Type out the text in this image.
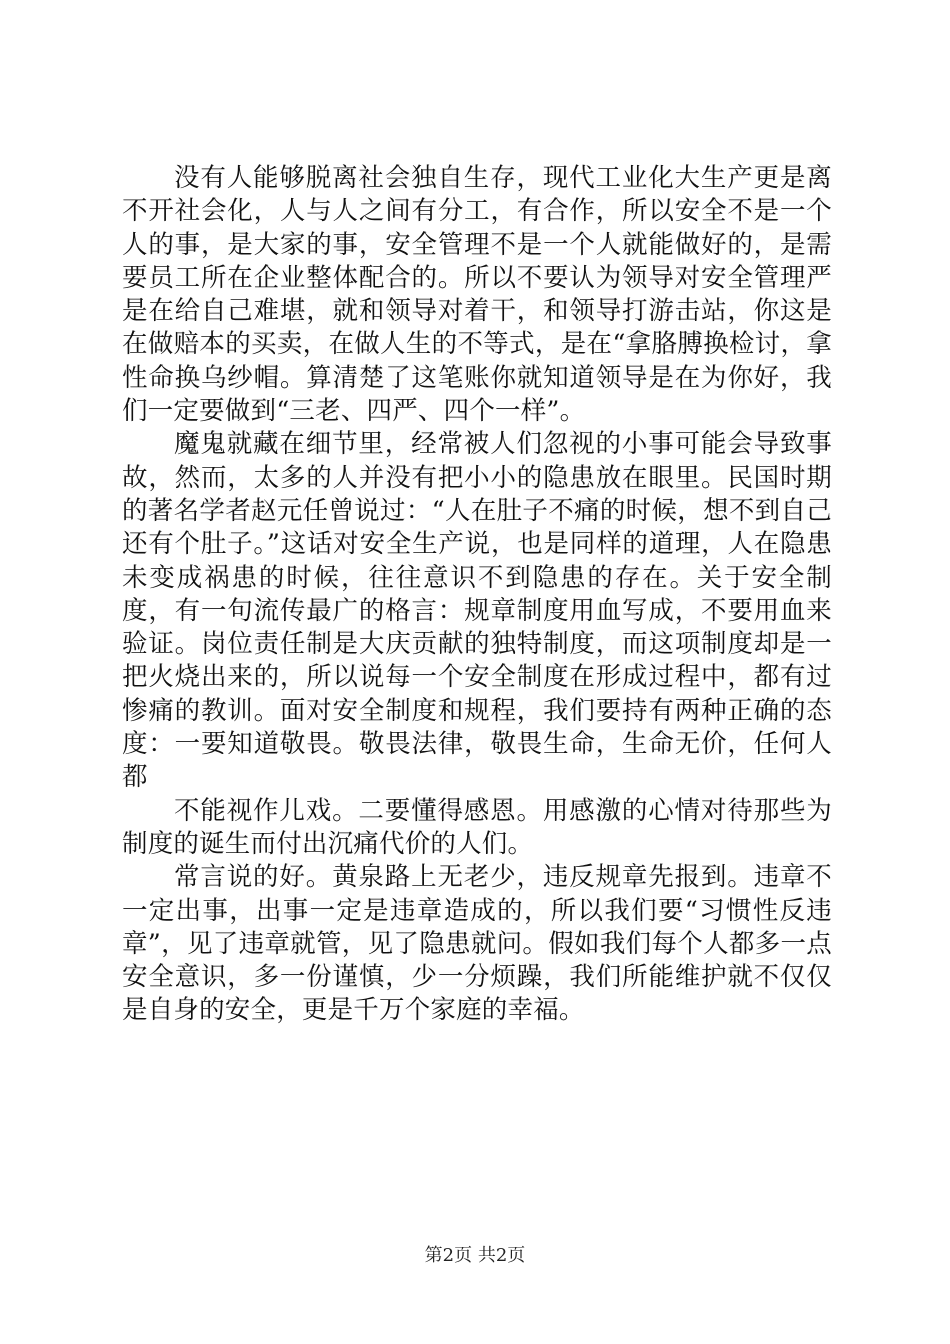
没有人能够脱离社会独自生存，现代工业化大生产更是离不开社会化，人与人之间有分工，有合作，所以安全不是一个人的事，是大家的事，安全管理不是一个人就能做好的，是需要员工所在企业整体配合的。所以不要认为领导对安全管理严是在给自己难堪，就和领导对着干，和领导打游击站，你这是在做赔本的买卖，在做人生的不等式，是在“拿胳膊换检讨，拿性命换乌纱帽。算清楚了这笔账你就知道领导是在为你好，我们一定要做到“三老、四严、四个一样”。

魔鬼就藏在细节里，经常被人们忽视的小事可能会导致事故，然而，太多的人并没有把小小的隐患放在眼里。民国时期的著名学者赵元任曾说过：“人在肚子不痛的时候，想不到自己还有个肚子。”这话对安全生产说，也是同样的道理，人在隐患未变成祸患的时候，往往意识不到隐患的存在。关于安全制度，有一句流传最广的格言：规章制度用血写成，不要用血来验证。岗位责任制是大庆贡献的独特制度，而这项制度却是一把火烧出来的，所以说每一个安全制度在形成过程中，都有过惨痛的教训。面对安全制度和规程，我们要持有两种正确的态度：一要知道敬畏。敬畏法律，敬畏生命，生命无价，任何人都

不能视作儿戏。二要懂得感恩。用感激的心情对待那些为制度的诞生而付出沉痛代价的人们。

常言说的好。黄泉路上无老少，违反规章先报到。违章不一定出事，出事一定是违章造成的，所以我们要“习惯性反违章”，见了违章就管，见了隐患就问。假如我们每个人都多一点安全意识，多一份谨慎，少一分烦躁，我们所能维护就不仅仅是自身的安全，更是千万个家庭的幸福。

第2页 共2页
